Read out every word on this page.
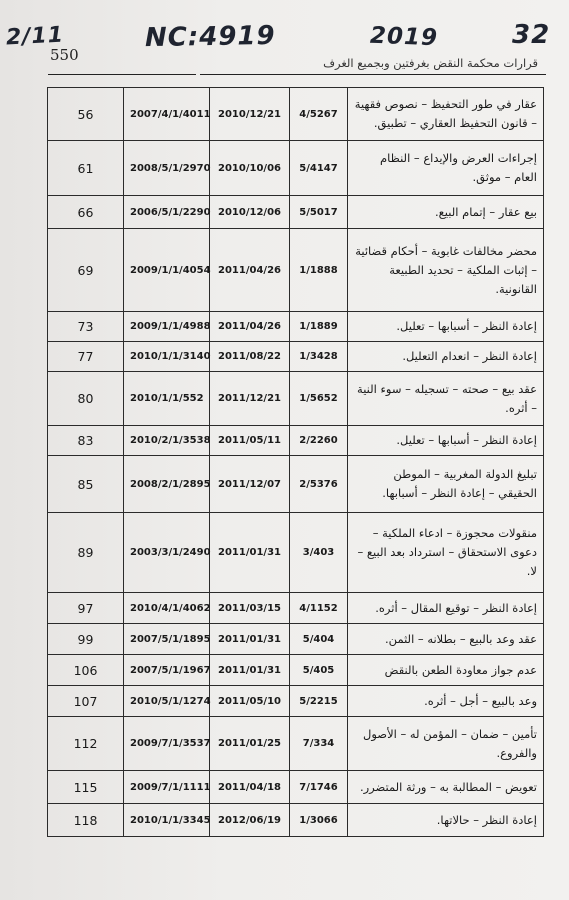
2/11	NC:4919	2019	32
550	قرارات محكمة النقض بغرفتين وبجميع الغرف
56	2007/4/1/4011	2010/12/21	4/5267	عقار في طور التحفيظ – نصوص فقهية – قانون التحفيظ العقاري – تطبيق.
61	2008/5/1/2970	2010/10/06	5/4147	إجراءات العرض والإيداع – النظام العام – موثق.
66	2006/5/1/2290	2010/12/06	5/5017	بيع عقار – إتمام البيع.
69	2009/1/1/4054	2011/04/26	1/1888	محضر مخالفات غابوية – أحكام قضائية – إثبات الملكية – تحديد الطبيعة القانونية.
73	2009/1/1/4988	2011/04/26	1/1889	إعادة النظر – أسبابها – تعليل.
77	2010/1/1/3140	2011/08/22	1/3428	إعادة النظر – انعدام التعليل.
80	2010/1/1/552	2011/12/21	1/5652	عقد بيع – صحته – تسجيله – سوء النية – أثره.
83	2010/2/1/3538	2011/05/11	2/2260	إعادة النظر – أسبابها – تعليل.
85	2008/2/1/2895	2011/12/07	2/5376	تبليغ الدولة المغربية – الموطن الحقيقي – إعادة النظر – أسبابها.
89	2003/3/1/2490	2011/01/31	3/403	منقولات محجوزة – ادعاء الملكية – دعوى الاستحقاق – استرداد بعد البيع – لا.
97	2010/4/1/4062	2011/03/15	4/1152	إعادة النظر – توقيع المقال – أثره.
99	2007/5/1/1895	2011/01/31	5/404	عقد وعد بالبيع – بطلانه – الثمن.
106	2007/5/1/1967	2011/01/31	5/405	عدم جواز معاودة الطعن بالنقض
107	2010/5/1/1274	2011/05/10	5/2215	وعد بالبيع – أجل – أثره.
112	2009/7/1/3537	2011/01/25	7/334	تأمين – ضمان – المؤمن له – الأصول والفروع.
115	2009/7/1/1111	2011/04/18	7/1746	تعويض – المطالبة به – ورثة المتضرر.
118	2010/1/1/3345	2012/06/19	1/3066	إعادة النظر – حالاتها.
